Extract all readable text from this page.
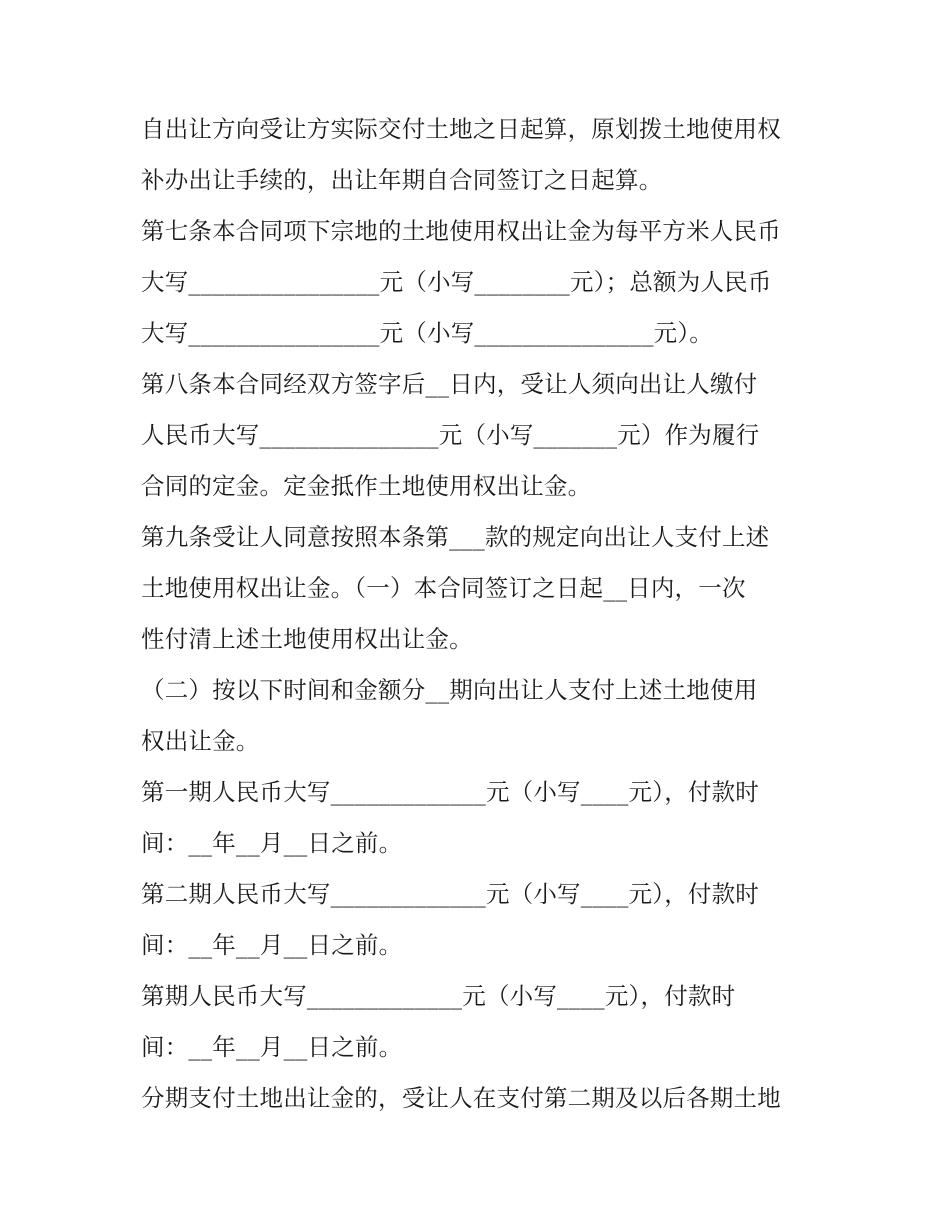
自出让方向受让方实际交付土地之日起算，原划拨土地使用权
补办出让手续的，出让年期自合同签订之日起算。
第七条本合同项下宗地的土地使用权出让金为每平方米人民币
大写________________元（小写________元）；总额为人民币
大写________________元（小写_______________元）。
第八条本合同经双方签字后__日内，受让人须向出让人缴付
人民币大写_______________元（小写_______元）作为履行
合同的定金。定金抵作土地使用权出让金。
第九条受让人同意按照本条第___款的规定向出让人支付上述
土地使用权出让金。（一）本合同签订之日起__日内，一次
性付清上述土地使用权出让金。
（二）按以下时间和金额分__期向出让人支付上述土地使用
权出让金。
第一期人民币大写_____________元（小写____元），付款时
间：__年__月__日之前。
第二期人民币大写_____________元（小写____元），付款时
间：__年__月__日之前。
第期人民币大写_____________元（小写____元），付款时
间：__年__月__日之前。
分期支付土地出让金的，受让人在支付第二期及以后各期土地
